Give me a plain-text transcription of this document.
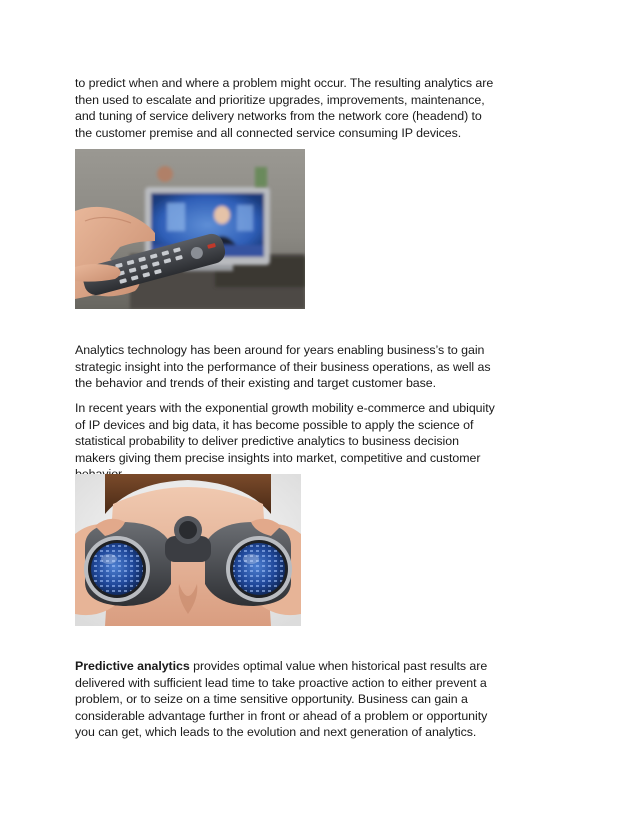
to predict when and where a problem might occur. The resulting analytics are then used to escalate and prioritize upgrades, improvements, maintenance, and tuning of service delivery networks from the network core (headend) to the customer premise and all connected service consuming IP devices.

Analytics technology has been around for years enabling business’s to gain strategic insight into the performance of their business operations, as well as the behavior and trends of their existing and target customer base.

In recent years with the exponential growth mobility e-commerce and ubiquity of IP devices and big data, it has become possible to apply the science of statistical probability to deliver predictive analytics to business decision makers giving them precise insights into market, competitive and customer

Predictive analytics provides optimal value when historical past results are delivered with sufficient lead time to take proactive action to either prevent a problem, or to seize on a time sensitive opportunity. Business can gain a considerable advantage further in front or ahead of a problem or opportunity you can get, which leads to the evolution and next generation of analytics.
